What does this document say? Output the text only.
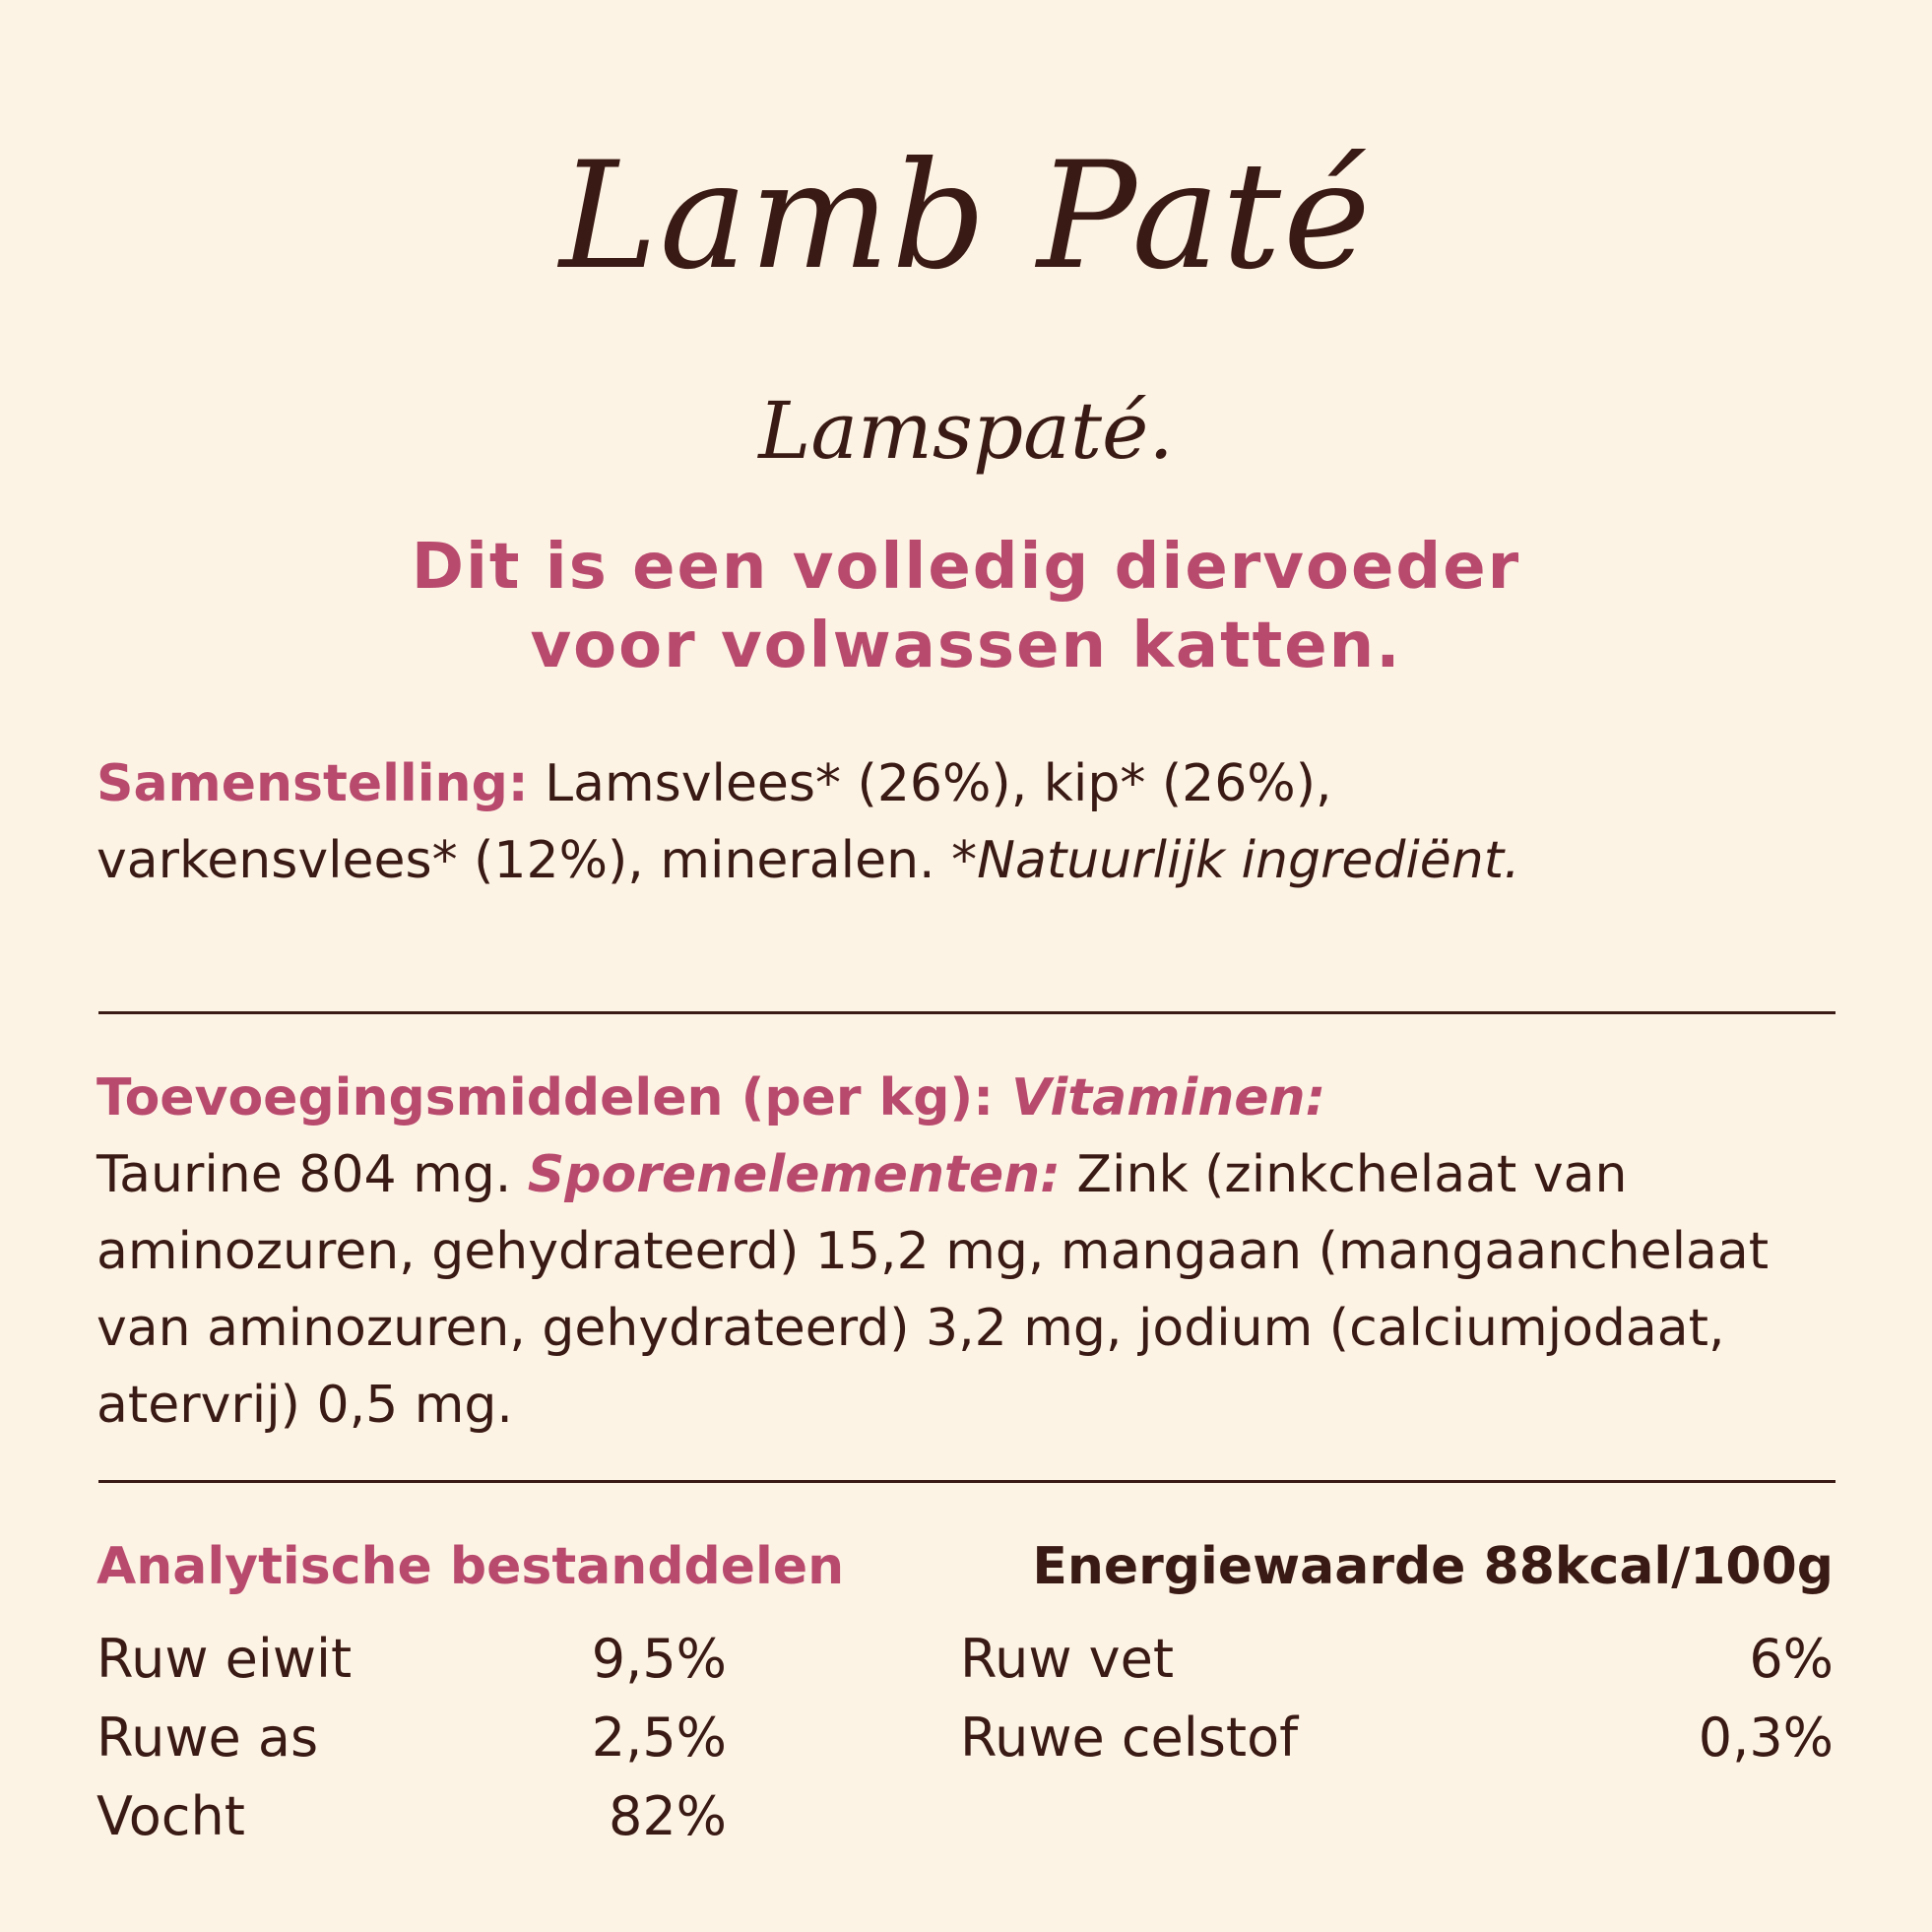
Lamb Paté
Lamspaté.
Dit is een volledig diervoeder
voor volwassen katten.
Samenstelling: Lamsvlees* (26%), kip* (26%),
varkensvlees* (12%), mineralen. *Natuurlijk ingrediënt.
Toevoegingsmiddelen (per kg): Vitaminen:
Taurine 804 mg. Sporenelementen: Zink (zinkchelaat van aminozuren, gehydrateerd) 15,2 mg, mangaan (mangaanchelaat van aminozuren, gehydrateerd) 3,2 mg, jodium (calciumjodaat, atervrij) 0,5 mg.
Analytische bestanddelen	Energiewaarde 88kcal/100g
Ruw eiwit	9,5%
Ruwe as	2,5%
Vocht	82%
Ruw vet	6%
Ruwe celstof	0,3%
